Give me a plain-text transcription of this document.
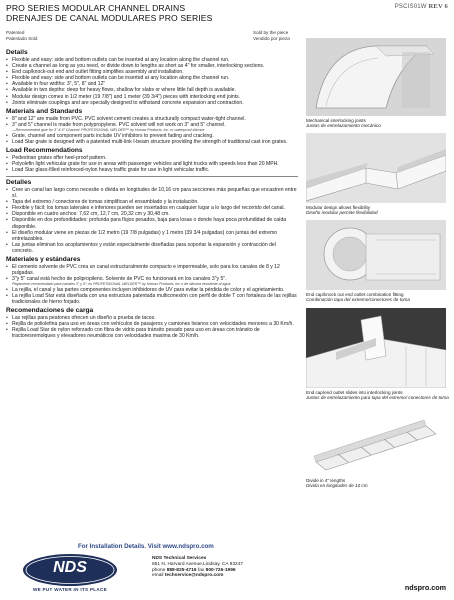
PSCIS01W REV 6
PRO SERIES MODULAR CHANNEL DRAINS
DRENAJES DE CANAL MODULARES PRO SERIES
Patented
Patentado Sold
Sold by the piece
Vendido por pieza
Details
• Flexible and easy: side and bottom outlets can be inserted at any location along the channel run.
• Create a channel as long as you need, or divide down to lengths as short as 4" for smaller, interlocking sections.
• End cap/knock-out end and outlet fitting simplifies assembly and installation.
• Flexible and easy: side and bottom outlets can be inserted at any location along the channel run.
• Available in four widths: 3", 5", 8" and 12"
• Available in two depths: deep for heavy flows, shallow for slabs or where little fall depth is available.
• Modular design comes in 1/2 meter (19 7/8") and 1 meter (39 3/4") pieces with interlocking end joints.
• Joints eliminate couplings and are specially designed to withstand concrete expansion and contraction.
Materials and Standards
• 8" and 12" are made from PVC. PVC solvent cement creates a structurally compact water-tight channel.
• 3" and 5" channel is made from polypropylene. PVC solvent will not work on 3" and 5" channel.
—Recommended glue for 3" & 5" Channel: PROFESSIONAL WELDER™ by Homax Products, Inc. or waterproof silicone
• Grate, channel and component parts include UV inhibitors to prevent fading and cracking.
• Load Star grate is designed with a patented multi-link I-beam structure providing the strength of traditional cast iron grates.
Load Recommendations
• Pedestrian grates offer heel-proof pattern.
• Polyolefin light vehicular grate for use in areas with passenger vehicles and light trucks with speeds less than 20 MPH.
• Load Star glass-filled reinforced-nylon heavy traffic grate for use in light vehicular traffic.
Detalles
• Cree un canal tan largo como necesite o divida en longitudes de 10,16 cm para secciones más pequeñas que encastren entre sí.
• Tapa del extremo / conectores de tomas simplifican el ensamblado y la instalación.
• Flexible y fácil: los tomas laterales e inferiores pueden ser insertados en cualquier lugar a lo largo del recorrido del canal.
• Disponible en cuatro anchos: 7,62 cm, 12,7 cm, 20,32 cm y 30,48 cm.
• Disponible en dos profundidades: profunda para flujos pesados, baja para losas o donde haya poca profundidad de caída disponible.
• El diseño modular viene en piezas de 1/2 metro (19 7/8 pulgadas) y 1 metro (39 3/4 pulgadas) con juntas del extremo entrelazables.
• Las juntas eliminan los acoplamientos y están especialmente diseñadas para soportar la expansión y contracción del concreto.
Materiales y estándares
• El cemento solvente de PVC crea un canal estructuralmente compacto e impermeable, solo para los canales de 8 y 12 pulgadas.
• 3"y 5" canal está hecho de polipropileno. Solvente de PVC no funcionará en los canales 3"y 5".
Pegamento recomendado para canales 3" y 5": es PROFESSIONAL WELDER™ by Homax Products, Inc o de silicona resistente al agua.
• La rejilla, el canal y las partes componentes incluyen inhibidores de UV para evitar la pérdida de color y el agrietamiento.
• La rejilla Load Star está diseñada con una estructura patentada multiconexión con perfil de doble T con fortaleza de las rejillas tradicionales de hierro forjado.
Recomendaciones de carga
• Las rejillas para peatones ofrecen un diseño a prueba de tacos.
• Rejilla de poliolefina para uso en áreas con vehículos de pasajeros y camiones livianos con velocidades menores a 30 Km/h.
• Rejilla Load Star de nylon reforzado con fibra de vidrio para tránsito pesado para uso en áreas con tránsito de tractoresremolques y elevadores neumáticos con velocidades maxima de 30 Km/h.
Mechanical interlocking joints
Juntas de entrelazamiento mecánico
Modular design allows flexibility
Diseño modular permite flexibilidad
End cap/knock out end outlet combination fitting
Combinación tapa del extremo/conectores de toma
End cap/end outlet slides into interlocking joints
Juntas de entrelazamiento para tapa del extremo/ conectores de toma
Divide in 4" lengths
Divida en longitudes de 10 cm
For Installation Details. Visit www.ndspro.com
NDS
WE PUT WATER IN ITS PLACE
NDS Technical Services
851 N. Harvard Avenue,Lindsay, CA 93247
phone 888-825-4716 fax 800-726-1996
email techservice@ndspro.com
ndspro.com
